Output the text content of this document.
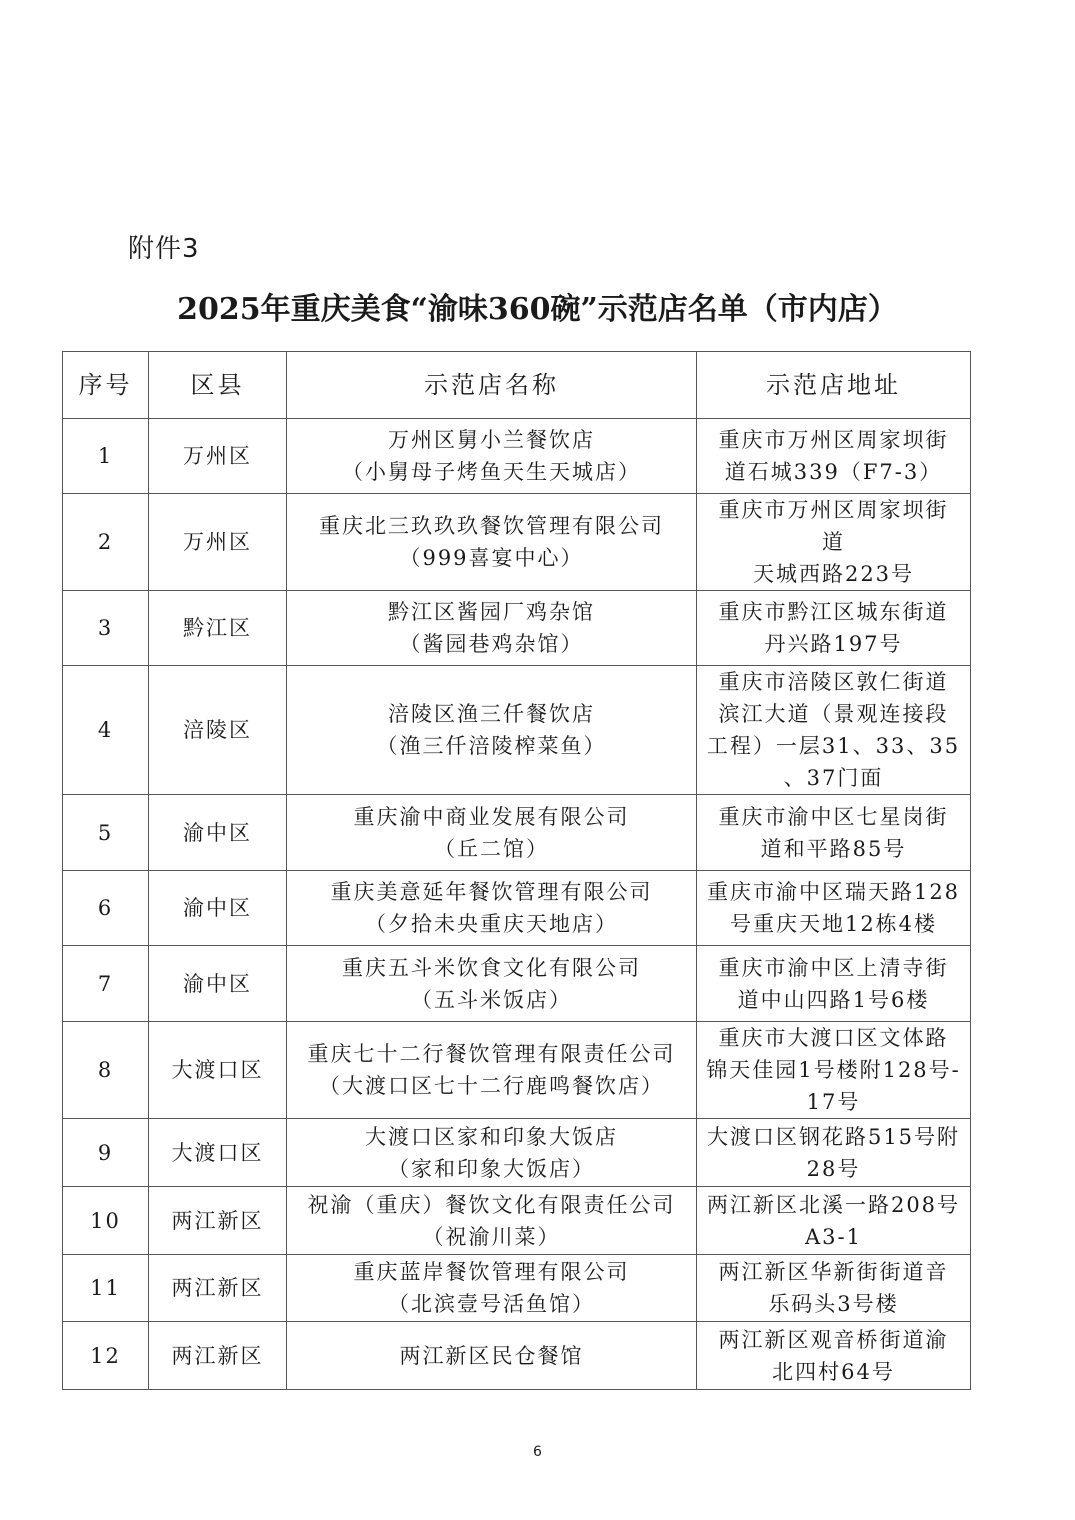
附件3
2025年重庆美食“渝味360碗”示范店名单（市内店）
序号	区县	示范店名称	示范店地址
1	万州区	万州区舅小兰餐饮店
（小舅母子烤鱼天生天城店）	重庆市万州区周家坝街
道石城339（F7-3）

2	万州区	重庆北三玖玖玖餐饮管理有限公司
（999喜宴中心）	重庆市万州区周家坝街
道
天城西路223号

3	黔江区	黔江区酱园厂鸡杂馆
（酱园巷鸡杂馆）	重庆市黔江区城东街道
丹兴路197号

4	涪陵区	涪陵区渔三仟餐饮店
（渔三仟涪陵榨菜鱼）	重庆市涪陵区敦仁街道
滨江大道（景观连接段
工程）一层31、33、35
、37门面

5	渝中区	重庆渝中商业发展有限公司
（丘二馆）	重庆市渝中区七星岗街
道和平路85号

6	渝中区	重庆美意延年餐饮管理有限公司
（夕拾未央重庆天地店）	重庆市渝中区瑞天路128
号重庆天地12栋4楼

7	渝中区	重庆五斗米饮食文化有限公司
（五斗米饭店）	重庆市渝中区上清寺街
道中山四路1号6楼

8	大渡口区	重庆七十二行餐饮管理有限责任公司
（大渡口区七十二行鹿鸣餐饮店）	重庆市大渡口区文体路
锦天佳园1号楼附128号-
17号

9	大渡口区	大渡口区家和印象大饭店
（家和印象大饭店）	大渡口区钢花路515号附
28号

10	两江新区	祝渝（重庆）餐饮文化有限责任公司
（祝渝川菜）	两江新区北溪一路208号
A3-1

11	两江新区	重庆蓝岸餐饮管理有限公司
（北滨壹号活鱼馆）	两江新区华新街街道音
乐码头3号楼

12	两江新区	两江新区民仓餐馆	两江新区观音桥街道渝
北四村64号
6
